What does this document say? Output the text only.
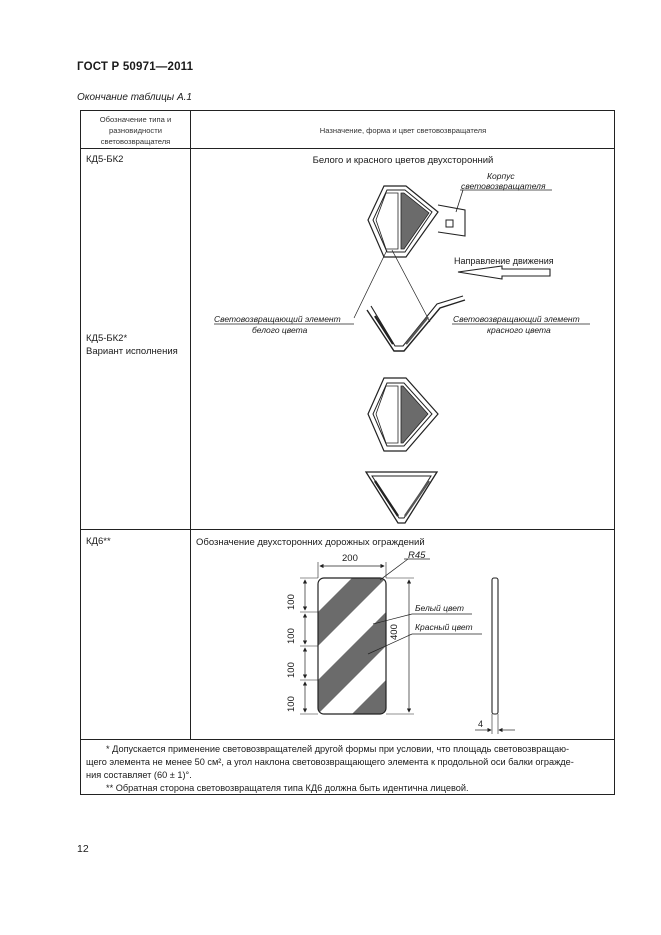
ГОСТ Р 50971—2011
Окончание таблицы А.1
Обозначение типа и
разновидности
световозвращателя
Назначение, форма и цвет световозвращателя
КД5-БК2
КД5-БК2*
Вариант исполнения
Белого и красного цветов двухсторонний
КД6**	Обозначение двухсторонних дорожных ограждений
Корпус
световозвращателя
Направление движения
Световозвращающий элемент
белого цвета
Световозвращающий элемент
красного цвета
200	R45
400
100
100
100
100
4
Белый цвет
Красный цвет
* Допускается применение световозвращателей другой формы при условии, что площадь световозвращаю-
щего элемента не менее 50 см², а угол наклона световозвращающего элемента к продольной оси балки огражде-
ния составляет (60 ± 1)°.
** Обратная сторона световозвращателя типа КД6 должна быть идентична лицевой.
12
